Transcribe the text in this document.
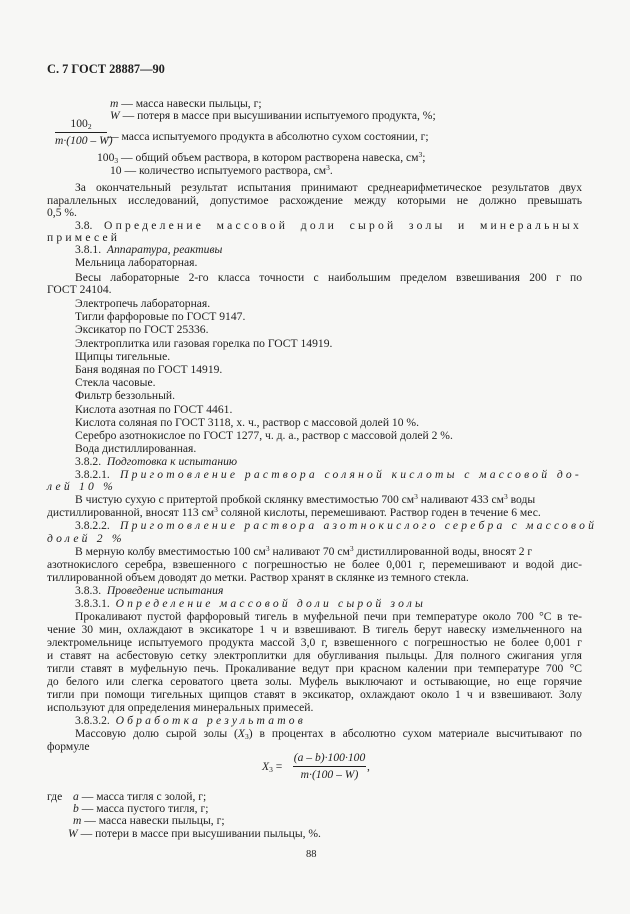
С. 7 ГОСТ 28887—90
m — масса навески пыльцы, г;
W — потеря в массе при высушивании испытуемого продукта, %;
$100_2$
m·(100 – W)
— масса испытуемого продукта в абсолютно сухом состоянии, г;
$100_3$ — общий объем раствора, в котором растворена навеска, $см^3$;
10 — количество испытуемого раствора, $см^3$.
За окончательный результат испытания принимают среднеарифметическое результатов двух
параллельных исследований, допустимое расхождение между которыми не должно превышать
0,5 %.
3.8. Определение массовой доли сырой золы и минеральных
примесей
3.8.1. Аппаратура, реактивы
Мельница лабораторная.
Весы лабораторные 2-го класса точности с наибольшим пределом взвешивания 200 г по
ГОСТ 24104.
Электропечь лабораторная.
Тигли фарфоровые по ГОСТ 9147.
Эксикатор по ГОСТ 25336.
Электроплитка или газовая горелка по ГОСТ 14919.
Щипцы тигельные.
Баня водяная по ГОСТ 14919.
Стекла часовые.
Фильтр беззольный.
Кислота азотная по ГОСТ 4461.
Кислота соляная по ГОСТ 3118, х. ч., раствор с массовой долей 10 %.
Серебро азотнокислое по ГОСТ 1277, ч. д. а., раствор с массовой долей 2 %.
Вода дистиллированная.
3.8.2. Подготовка к испытанию
3.8.2.1. Приготовление раствора соляной кислоты с массовой до-
лей 10 %
В чистую сухую с притертой пробкой склянку вместимостью 700 $см^3$ наливают 433 $см^3$ воды
дистиллированной, вносят 113 $см^3$ соляной кислоты, перемешивают. Раствор годен в течение 6 мес.
3.8.2.2. Приготовление раствора азотнокислого серебра с массовой
долей 2 %
В мерную колбу вместимостью 100 $см^3$ наливают 70 $см^3$ дистиллированной воды, вносят 2 г
азотнокислого серебра, взвешенного с погрешностью не более 0,001 г, перемешивают и водой дис-
тиллированной объем доводят до метки. Раствор хранят в склянке из темного стекла.
3.8.3. Проведение испытания
3.8.3.1. Определение массовой доли сырой золы
Прокаливают пустой фарфоровый тигель в муфельной печи при температуре около 700 °С в те-
чение 30 мин, охлаждают в эксикаторе 1 ч и взвешивают. В тигель берут навеску измельченного на
электромельнице испытуемого продукта массой 3,0 г, взвешенного с погрешностью не более 0,001 г
и ставят на асбестовую сетку электроплитки для обугливания пыльцы. Для полного сжигания угля
тигли ставят в муфельную печь. Прокаливание ведут при красном калении при температуре 700 °С
до белого или слегка сероватого цвета золы. Муфель выключают и остывающие, но еще горячие
тигли при помощи тигельных щипцов ставят в эксикатор, охлаждают около 1 ч и взвешивают. Золу
используют для определения минеральных примесей.
3.8.3.2. Обработка результатов
Массовую долю сырой золы $(X_3)$ в процентах в абсолютно сухом материале высчитывают по
формуле
$X_3$ =
(a – b)·100·100
m·(100 – W)
,
где a — масса тигля с золой, г;
b — масса пустого тигля, г;
m — масса навески пыльцы, г;
W — потери в массе при высушивании пыльцы, %.
88
